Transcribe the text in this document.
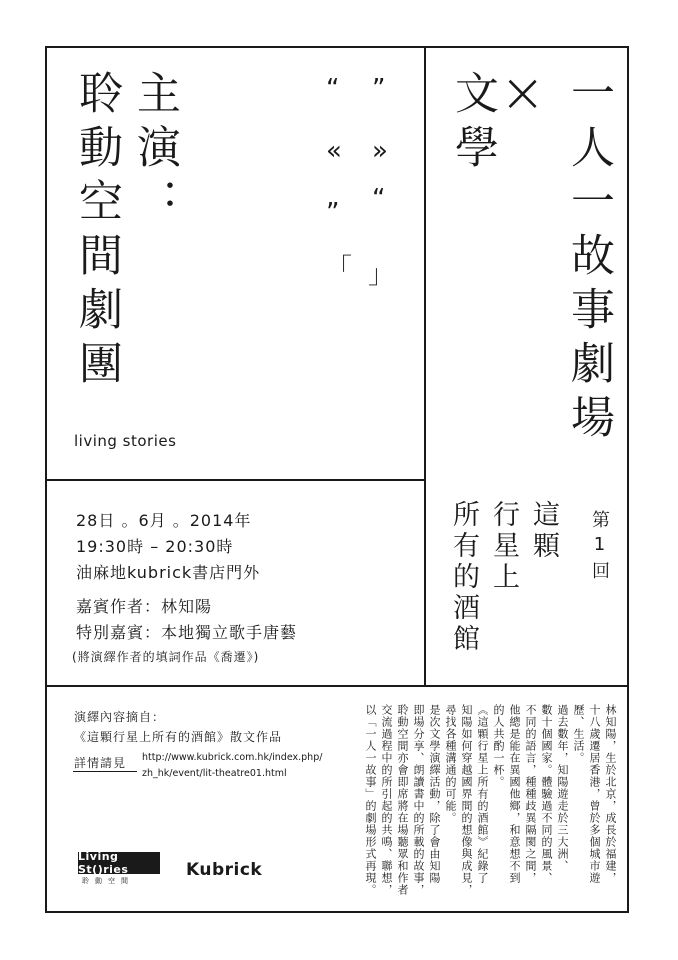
聆動空間劇團 主演：
living stories
“ ”
« »
” “
「 」	一人一故事劇場
×
文學
第1回
這顆
行星上
所有的酒館
28日 。6月 。2014年
19:30時 – 20:30時
油麻地kubrick書店門外
嘉賓作者：林知陽
特別嘉賓：本地獨立歌手唐藝
(將演繹作者的填詞作品《喬遷》)
演繹內容摘自：
《這顆行星上所有的酒館》散文作品
詳情請見 http://www.kubrick.com.hk/index.php/
zh_hk/event/lit-theatre01.html
Living St()ries
聆動空間
Kubrick	林知陽，生於北京，成長於福建，
十八歲遷居香港，曾於多個城市遊
歷、生活。
過去數年，知陽遊走於三大洲、
數十個國家。體驗過不同的風景、
不同的語言，種種歧異隔閡之間，
他總是能在異國他鄉，和意想不到
的人共酌一杯。
《這顆行星上所有的酒館》紀錄了
知陽如何穿越國界間的想像與成見，
尋找各種溝通的可能。
是次文學演繹活動，除了會由知陽
即場分享、朗讀書中的所載的故事，
聆動空間亦會即席將在場聽眾和作者
交流過程中的所引起的共鳴、聯想，
以「一人一故事」的劇場形式再現。
